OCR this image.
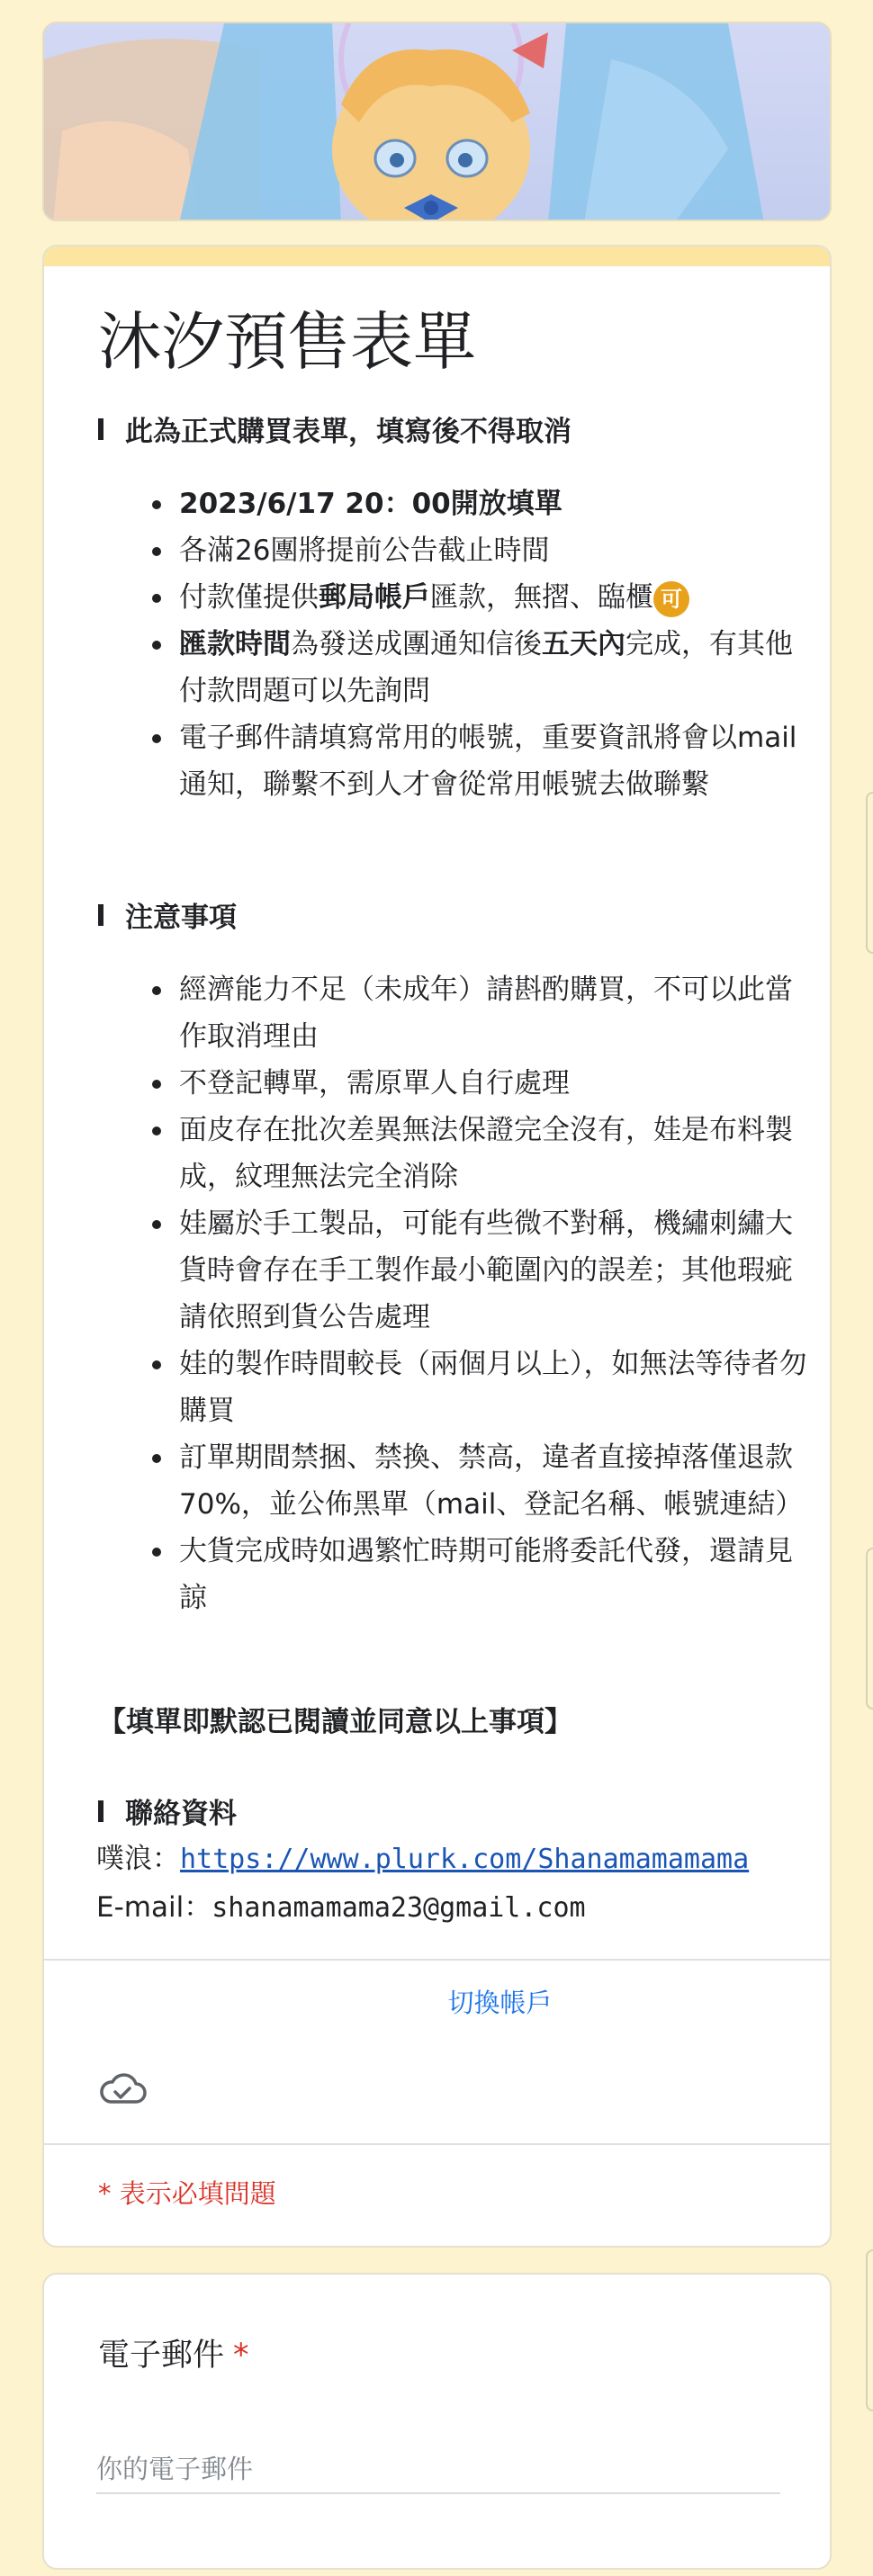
沐汐預售表單
此為正式購買表單，填寫後不得取消
2023/6/17 20：00開放填單
各滿26團將提前公告截止時間
付款僅提供郵局帳戶匯款，無摺、臨櫃 可
匯款時間為發送成團通知信後五天內完成，有其他付款問題可以先詢問
電子郵件請填寫常用的帳號，重要資訊將會以mail通知，聯繫不到人才會從常用帳號去做聯繫
注意事項
經濟能力不足（未成年）請斟酌購買，不可以此當作取消理由
不登記轉單，需原單人自行處理
面皮存在批次差異無法保證完全沒有，娃是布料製成，紋理無法完全消除
娃屬於手工製品，可能有些微不對稱，機繡刺繡大貨時會存在手工製作最小範圍內的誤差；其他瑕疵請依照到貨公告處理
娃的製作時間較長（兩個月以上），如無法等待者勿購買
訂單期間禁捆、禁換、禁高，違者直接掉落僅退款70%，並公佈黑單（mail、登記名稱、帳號連結）
大貨完成時如遇繁忙時期可能將委託代發，還請見諒
【填單即默認已閱讀並同意以上事項】
聯絡資料
噗浪：https://www.plurk.com/Shanamamamama
E-mail：shanamamama23@gmail.com
切換帳戶
* 表示必填問題
電子郵件 *
你的電子郵件
